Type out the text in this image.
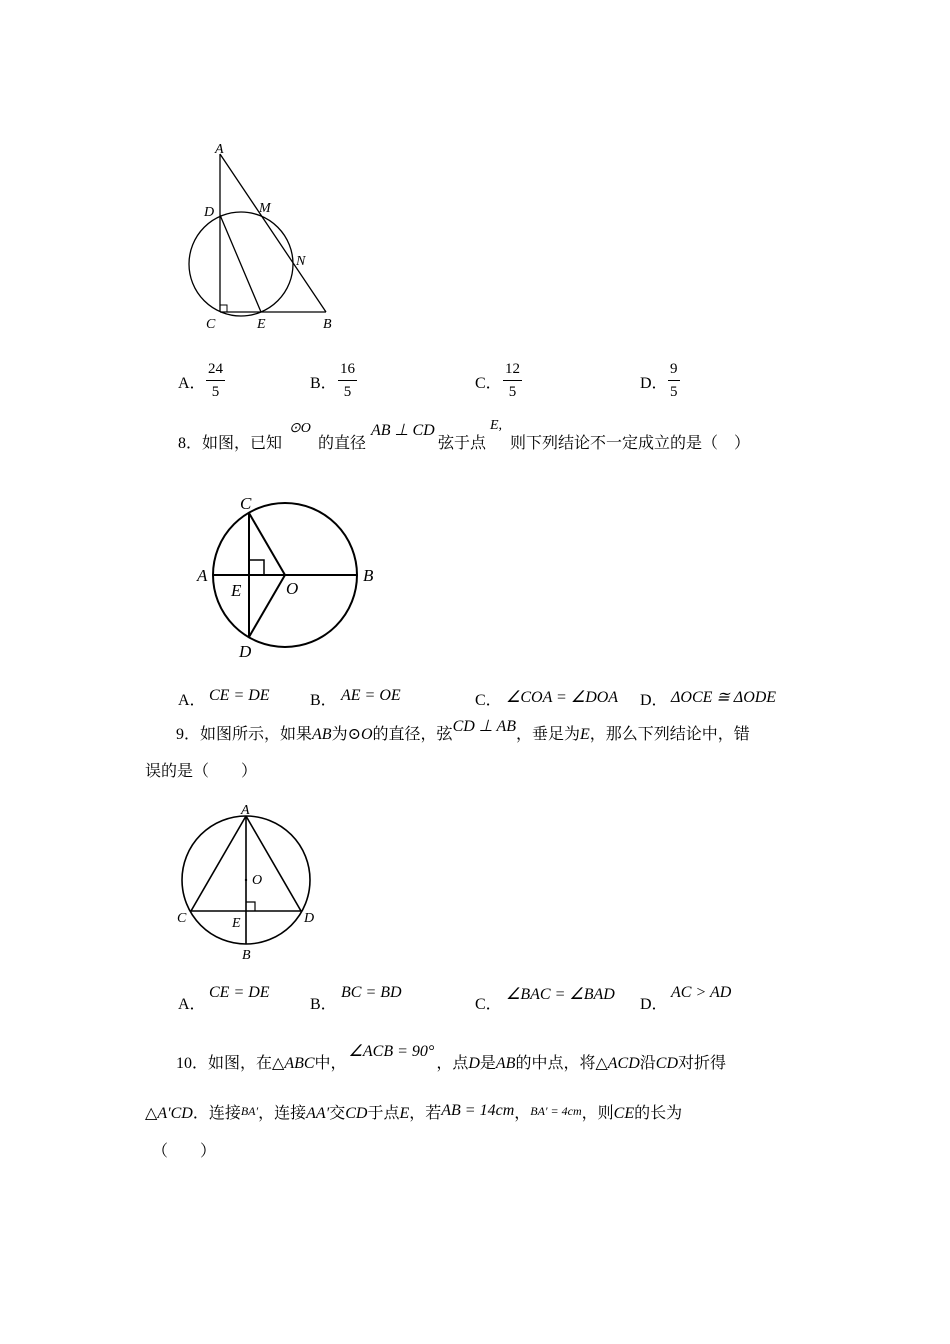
A
D	M
N
C	E	B
A．
24
5	B．
16
5	C．
12
5	D．
9
5
8．如图，已知
⊙O
的直径
AB ⊥ CD
弦于点
E,
则下列结论不一定成立的是（　）
C
A	B
E	O
D
A． CE = DE	B． AE = OE	C． ∠COA = ∠DOA D． ΔOCE ≅ ΔODE
9．如图所示，如果AB为⊙O的直径，弦CD ⊥ AB，垂足为E，那么下列结论中，错
误的是（　　）
A
O
C	E	D
B
A．
CE = DE
B．
BC = BD
C．
∠BAC = ∠BAD
D．
AC > AD
10．如图，在△ABC中，∠ACB = 90°，点D是AB的中点，将△ACD沿CD对折得
△A′CD．连接BA′，连接AA′交CD于点E，若AB = 14cm，BA′ = 4cm，则CE的长为
（　　）
